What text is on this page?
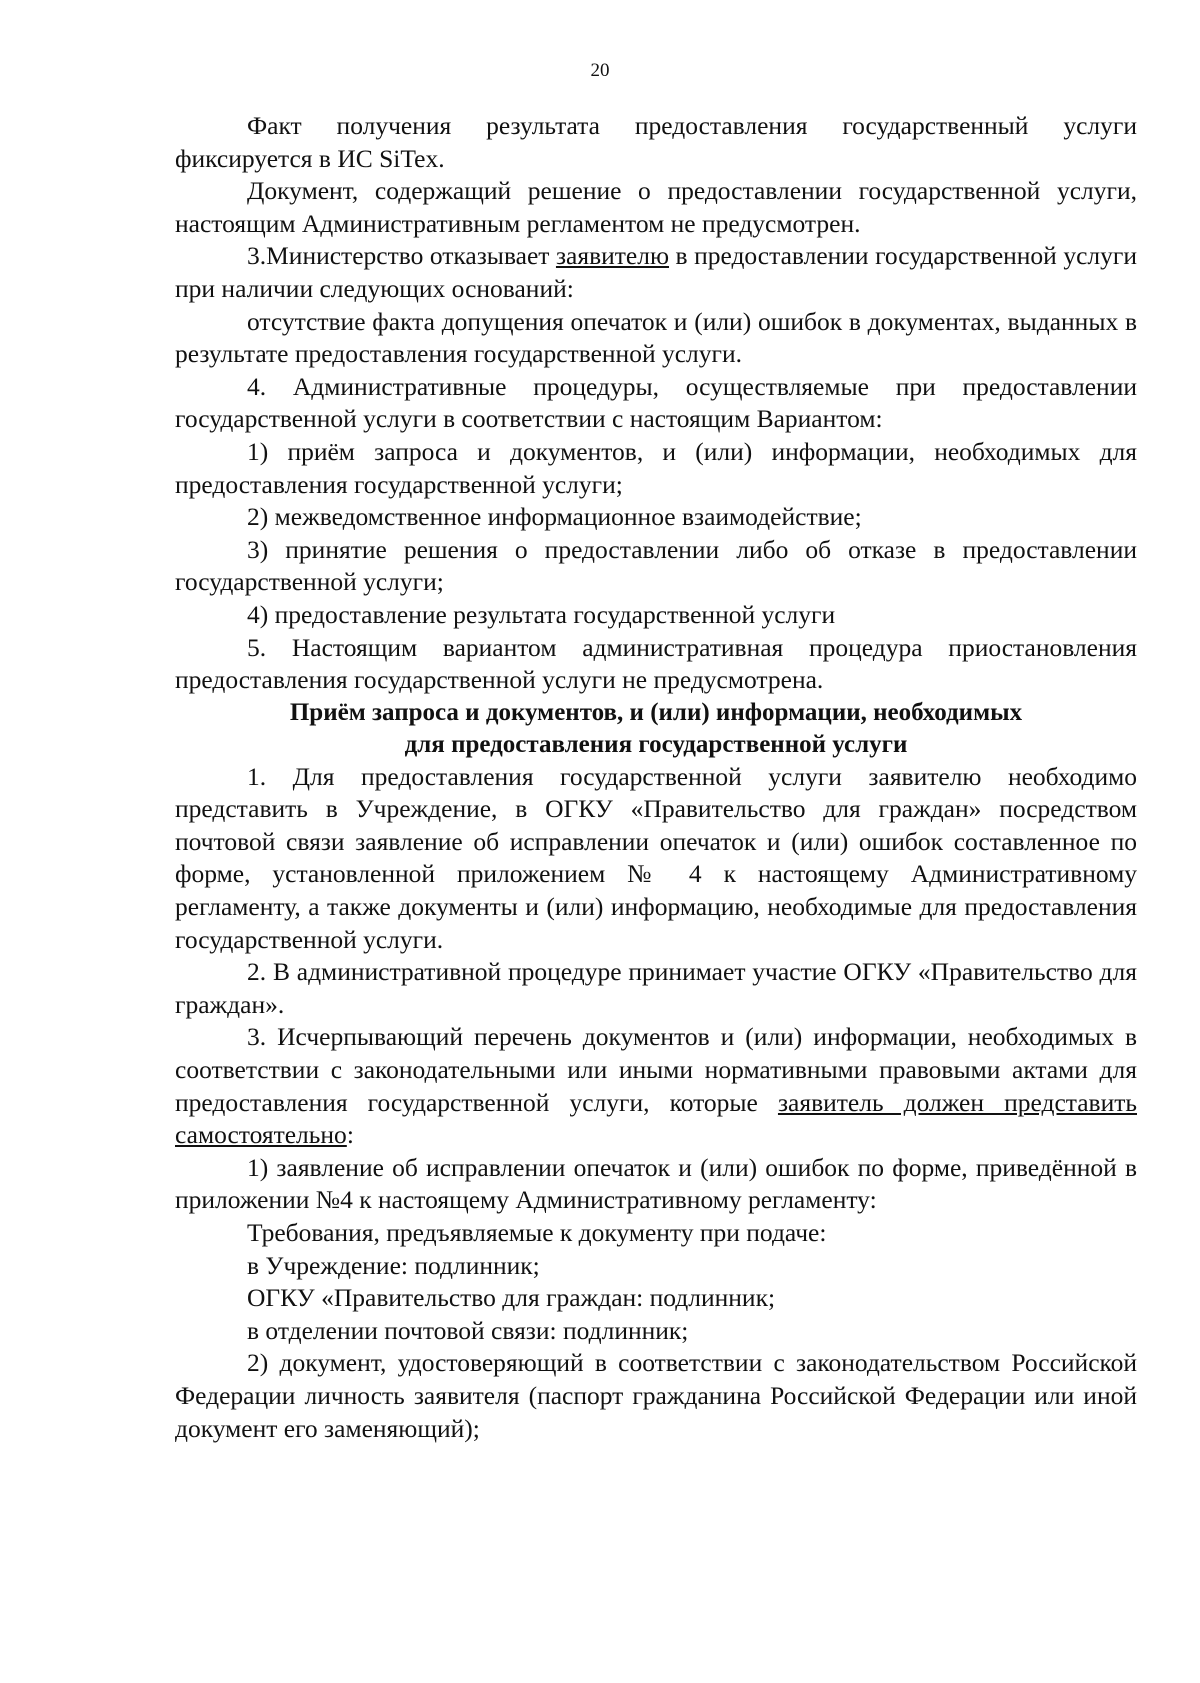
20

Факт получения результата предоставления государственный услуги фиксируется в ИС SiTex.

Документ, содержащий решение о предоставлении государственной услуги, настоящим Административным регламентом не предусмотрен.

3.Министерство отказывает заявителю в предоставлении государственной услуги при наличии следующих оснований:

отсутствие факта допущения опечаток и (или) ошибок в документах, выданных в результате предоставления государственной услуги.

4. Административные процедуры, осуществляемые при предоставлении государственной услуги в соответствии с настоящим Вариантом:

1) приём запроса и документов, и (или) информации, необходимых для предоставления государственной услуги;

2) межведомственное информационное взаимодействие;

3) принятие решения о предоставлении либо об отказе в предоставлении государственной услуги;

4) предоставление результата государственной услуги

5. Настоящим вариантом административная процедура приостановления предоставления государственной услуги не предусмотрена.

Приём запроса и документов, и (или) информации, необходимых
для предоставления государственной услуги

1. Для предоставления государственной услуги заявителю необходимо представить в Учреждение, в ОГКУ «Правительство для граждан» посредством почтовой связи заявление об исправлении опечаток и (или) ошибок составленное по форме, установленной приложением № 4 к настоящему Административному регламенту, а также документы и (или) информацию, необходимые для предоставления государственной услуги.

2. В административной процедуре принимает участие ОГКУ «Правительство для граждан».

3. Исчерпывающий перечень документов и (или) информации, необходимых в соответствии с законодательными или иными нормативными правовыми актами для предоставления государственной услуги, которые заявитель должен представить самостоятельно:

1) заявление об исправлении опечаток и (или) ошибок по форме, приведённой в приложении №4 к настоящему Административному регламенту:

Требования, предъявляемые к документу при подаче:

в Учреждение: подлинник;

ОГКУ «Правительство для граждан: подлинник;

в отделении почтовой связи: подлинник;

2) документ, удостоверяющий в соответствии с законодательством Российской Федерации личность заявителя (паспорт гражданина Российской Федерации или иной документ его заменяющий);
